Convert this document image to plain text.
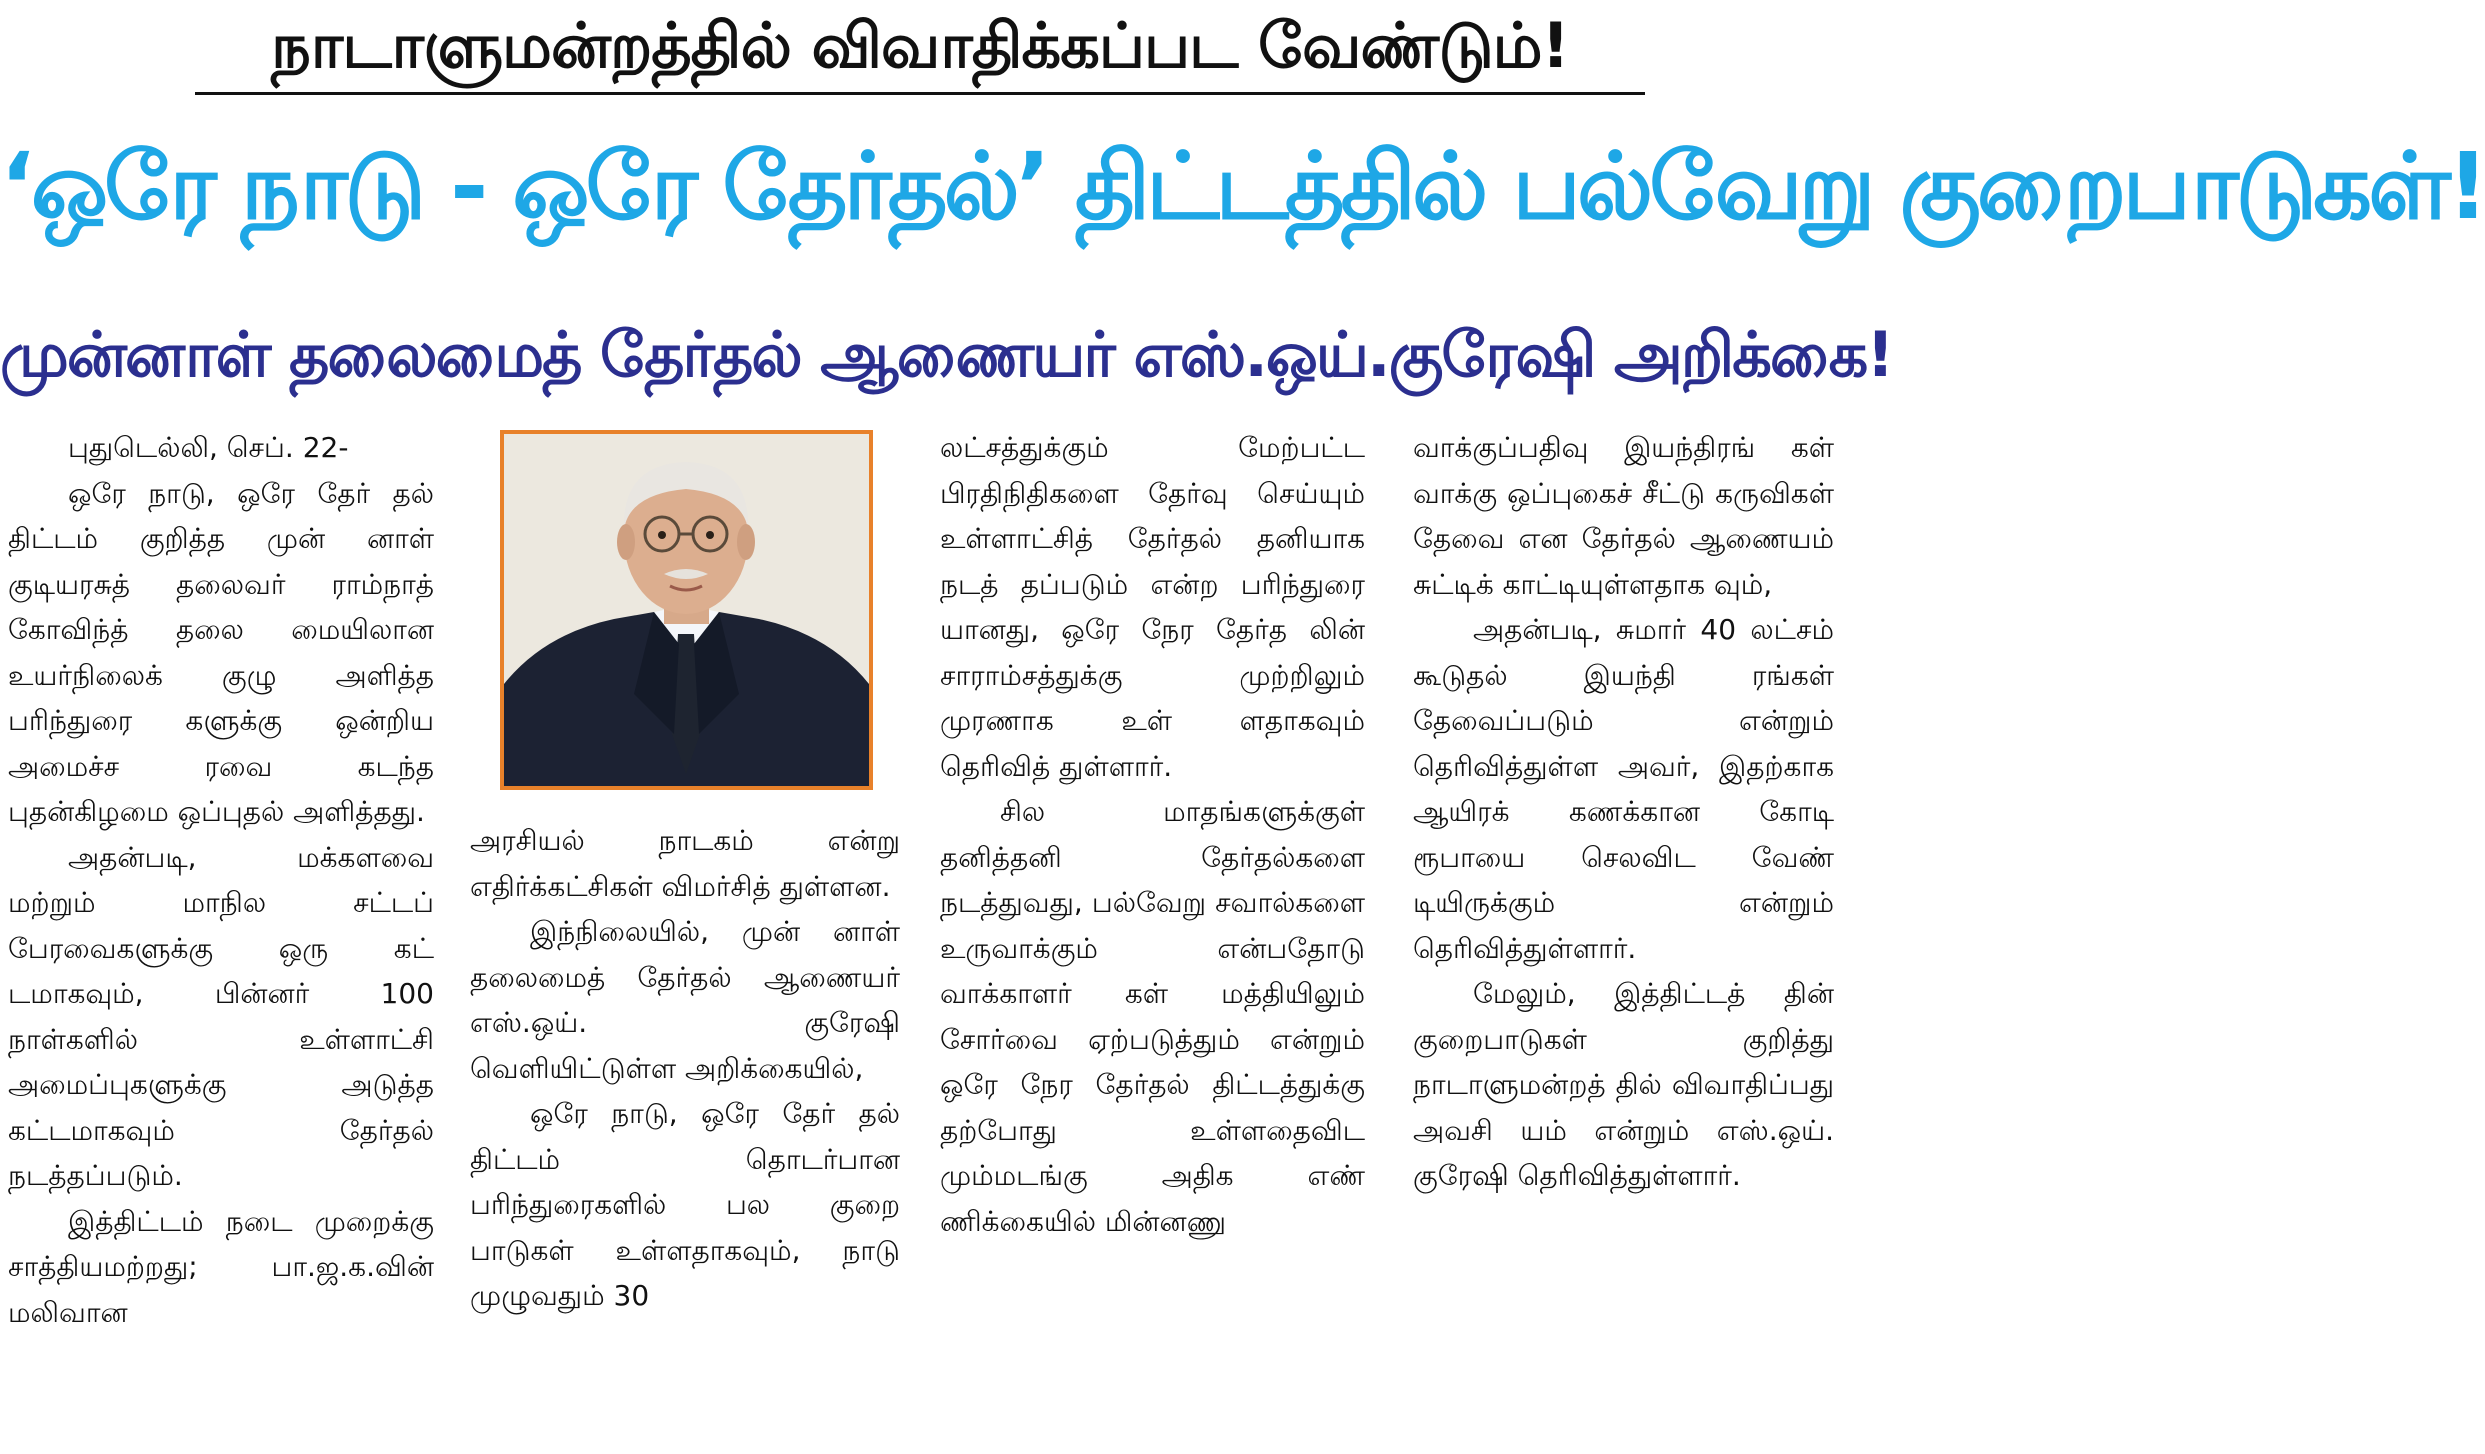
நாடாளுமன்றத்தில் விவாதிக்கப்பட வேண்டும்!
‘ஒரே நாடு - ஒரே தேர்தல்’ திட்டத்தில் பல்வேறு குறைபாடுகள்!
முன்னாள் தலைமைத் தேர்தல் ஆணையர் எஸ்.ஒய்.குரேஷி அறிக்கை!

புதுடெல்லி, செப். 22-

ஒரே நாடு, ஒரே தேர் தல் திட்டம் குறித்த முன் னாள் குடியரசுத் தலைவர் ராம்நாத் கோவிந்த் தலை மையிலான உயர்நிலைக் குழு அளித்த பரிந்துரை களுக்கு ஒன்றிய அமைச்ச ரவை கடந்த புதன்கிழமை ஒப்புதல் அளித்தது.

அதன்படி, மக்களவை மற்றும் மாநில சட்டப் பேரவைகளுக்கு ஒரு கட் டமாகவும், பின்னர் 100 நாள்களில் உள்ளாட்சி அமைப்புகளுக்கு அடுத்த கட்டமாகவும் தேர்தல் நடத்தப்படும்.

இத்திட்டம் நடை முறைக்கு சாத்தியமற்றது; பா.ஜ.க.வின் மலிவான

அரசியல் நாடகம் என்று எதிர்க்கட்சிகள் விமர்சித் துள்ளன.

இந்நிலையில், முன் னாள் தலைமைத் தேர்தல் ஆணையர் எஸ்.ஒய். குரேஷி வெளியிட்டுள்ள அறிக்கையில்,

ஒரே நாடு, ஒரே தேர் தல் திட்டம் தொடர்பான பரிந்துரைகளில் பல குறை பாடுகள் உள்ளதாகவும், நாடு முழுவதும் 30

லட்சத்துக்கும் மேற்பட்ட பிரதிநிதிகளை தேர்வு செய்யும் உள்ளாட்சித் தேர்தல் தனியாக நடத் தப்படும் என்ற பரிந்துரை யானது, ஒரே நேர தேர்த லின் சாராம்சத்துக்கு முற்றிலும் முரணாக உள் ளதாகவும் தெரிவித் துள்ளார்.

சில மாதங்களுக்குள் தனித்தனி தேர்தல்களை நடத்துவது, பல்வேறு சவால்களை உருவாக்கும் என்பதோடு வாக்காளர் கள் மத்தியிலும் சோர்வை ஏற்படுத்தும் என்றும் ஒரே நேர தேர்தல் திட்டத்துக்கு தற்போது உள்ளதைவிட மும்மடங்கு அதிக எண் ணிக்கையில் மின்னணு

வாக்குப்பதிவு இயந்திரங் கள் வாக்கு ஒப்புகைச் சீட்டு கருவிகள் தேவை என தேர்தல் ஆணையம் சுட்டிக் காட்டியுள்ளதாக வும்,

அதன்படி, சுமார் 40 லட்சம் கூடுதல் இயந்தி ரங்கள் தேவைப்படும் என்றும் தெரிவித்துள்ள அவர், இதற்காக ஆயிரக் கணக்கான கோடி ரூபாயை செலவிட வேண் டியிருக்கும் என்றும் தெரிவித்துள்ளார்.

மேலும், இத்திட்டத் தின் குறைபாடுகள் குறித்து நாடாளுமன்றத் தில் விவாதிப்பது அவசி யம் என்றும் எஸ்.ஒய். குரேஷி தெரிவித்துள்ளார்.
